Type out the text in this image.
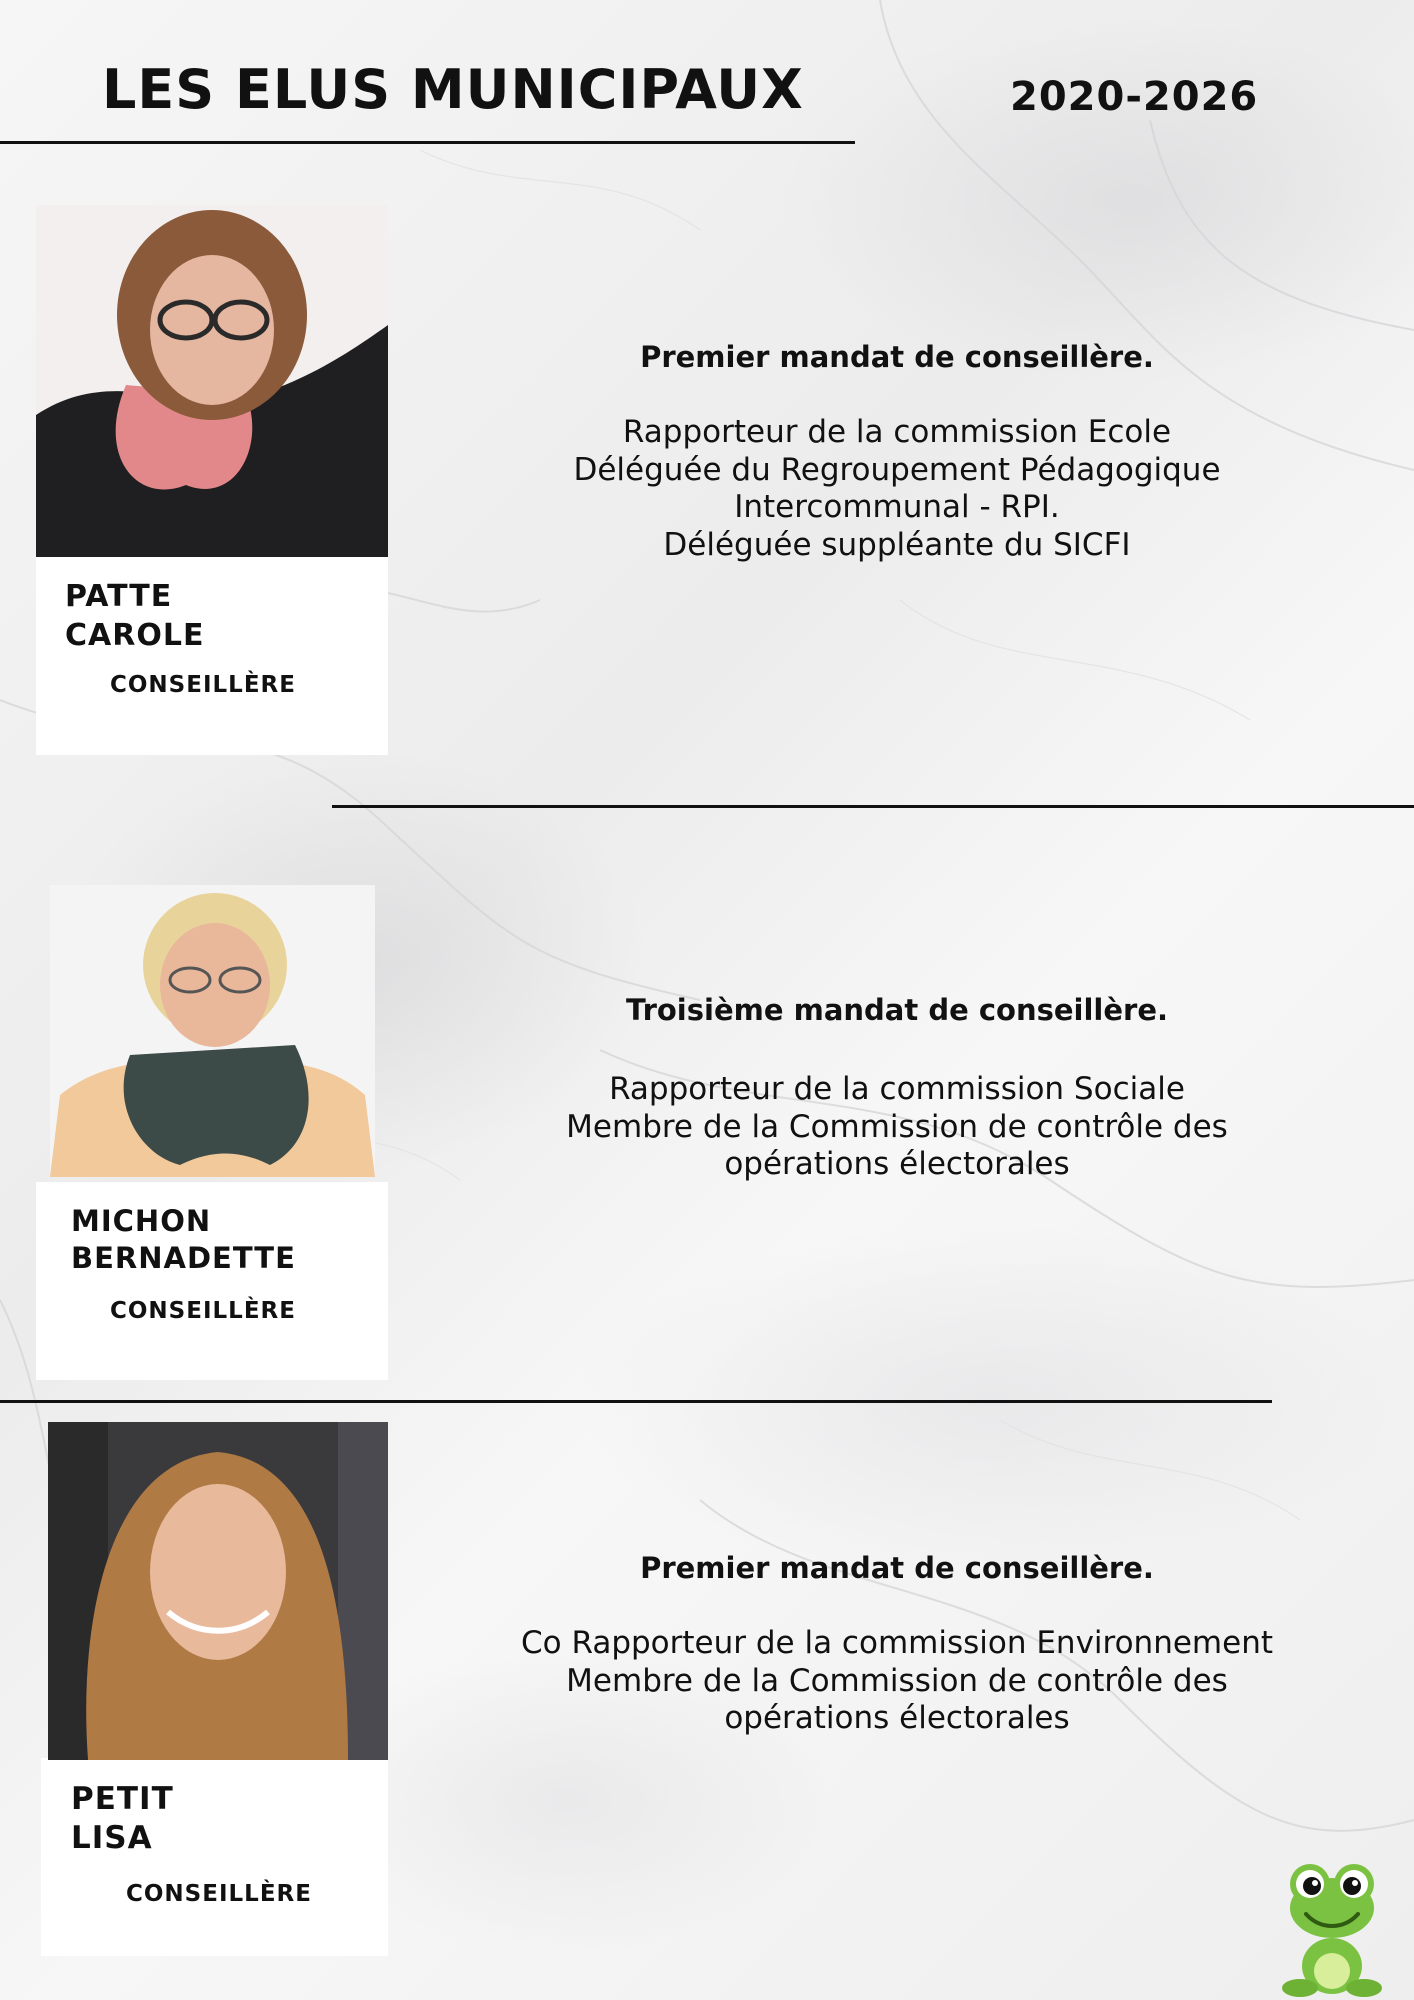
LES ELUS MUNICIPAUX	2020-2026
PATTE
CAROLE
CONSEILLÈRE
Premier mandat de conseillère.
Rapporteur de la commission Ecole
Déléguée du Regroupement Pédagogique
Intercommunal - RPI.
Déléguée suppléante du SICFI
MICHON
BERNADETTE
CONSEILLÈRE
Troisième mandat de conseillère.
Rapporteur de la commission Sociale
Membre de la Commission de contrôle des
opérations électorales
PETIT
LISA
CONSEILLÈRE
Premier mandat de conseillère.
Co Rapporteur de la commission Environnement
Membre de la Commission de contrôle des
opérations électorales
